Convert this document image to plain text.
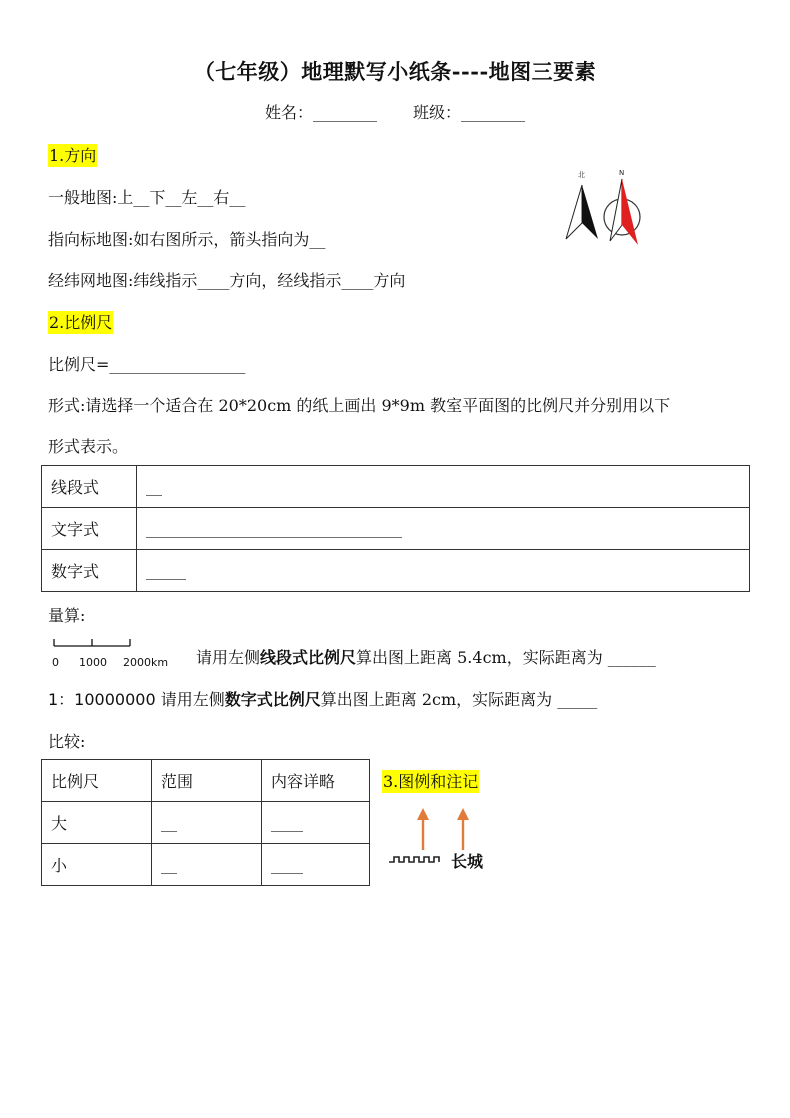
（七年级）地理默写小纸条----地图三要素
姓名：________ 班级：________
1.方向
一般地图:上__下__左__右__
指向标地图:如右图所示，箭头指向为__
经纬网地图:纬线指示____方向，经线指示____方向
北	N
2.比例尺
比例尺=_________________
形式:请选择一个适合在 20*20cm 的纸上画出 9*9m 教室平面图的比例尺并分别用以下
形式表示。
线段式	__
文字式	________________________________
数字式	_____
量算:
0 1000 2000km 请用左侧线段式比例尺算出图上距离 5.4cm，实际距离为 ______
1：10000000 请用左侧数字式比例尺算出图上距离 2cm，实际距离为 _____
比较:
比例尺	范围	内容详略
大	__	____
小	__	____
3.图例和注记
长城
